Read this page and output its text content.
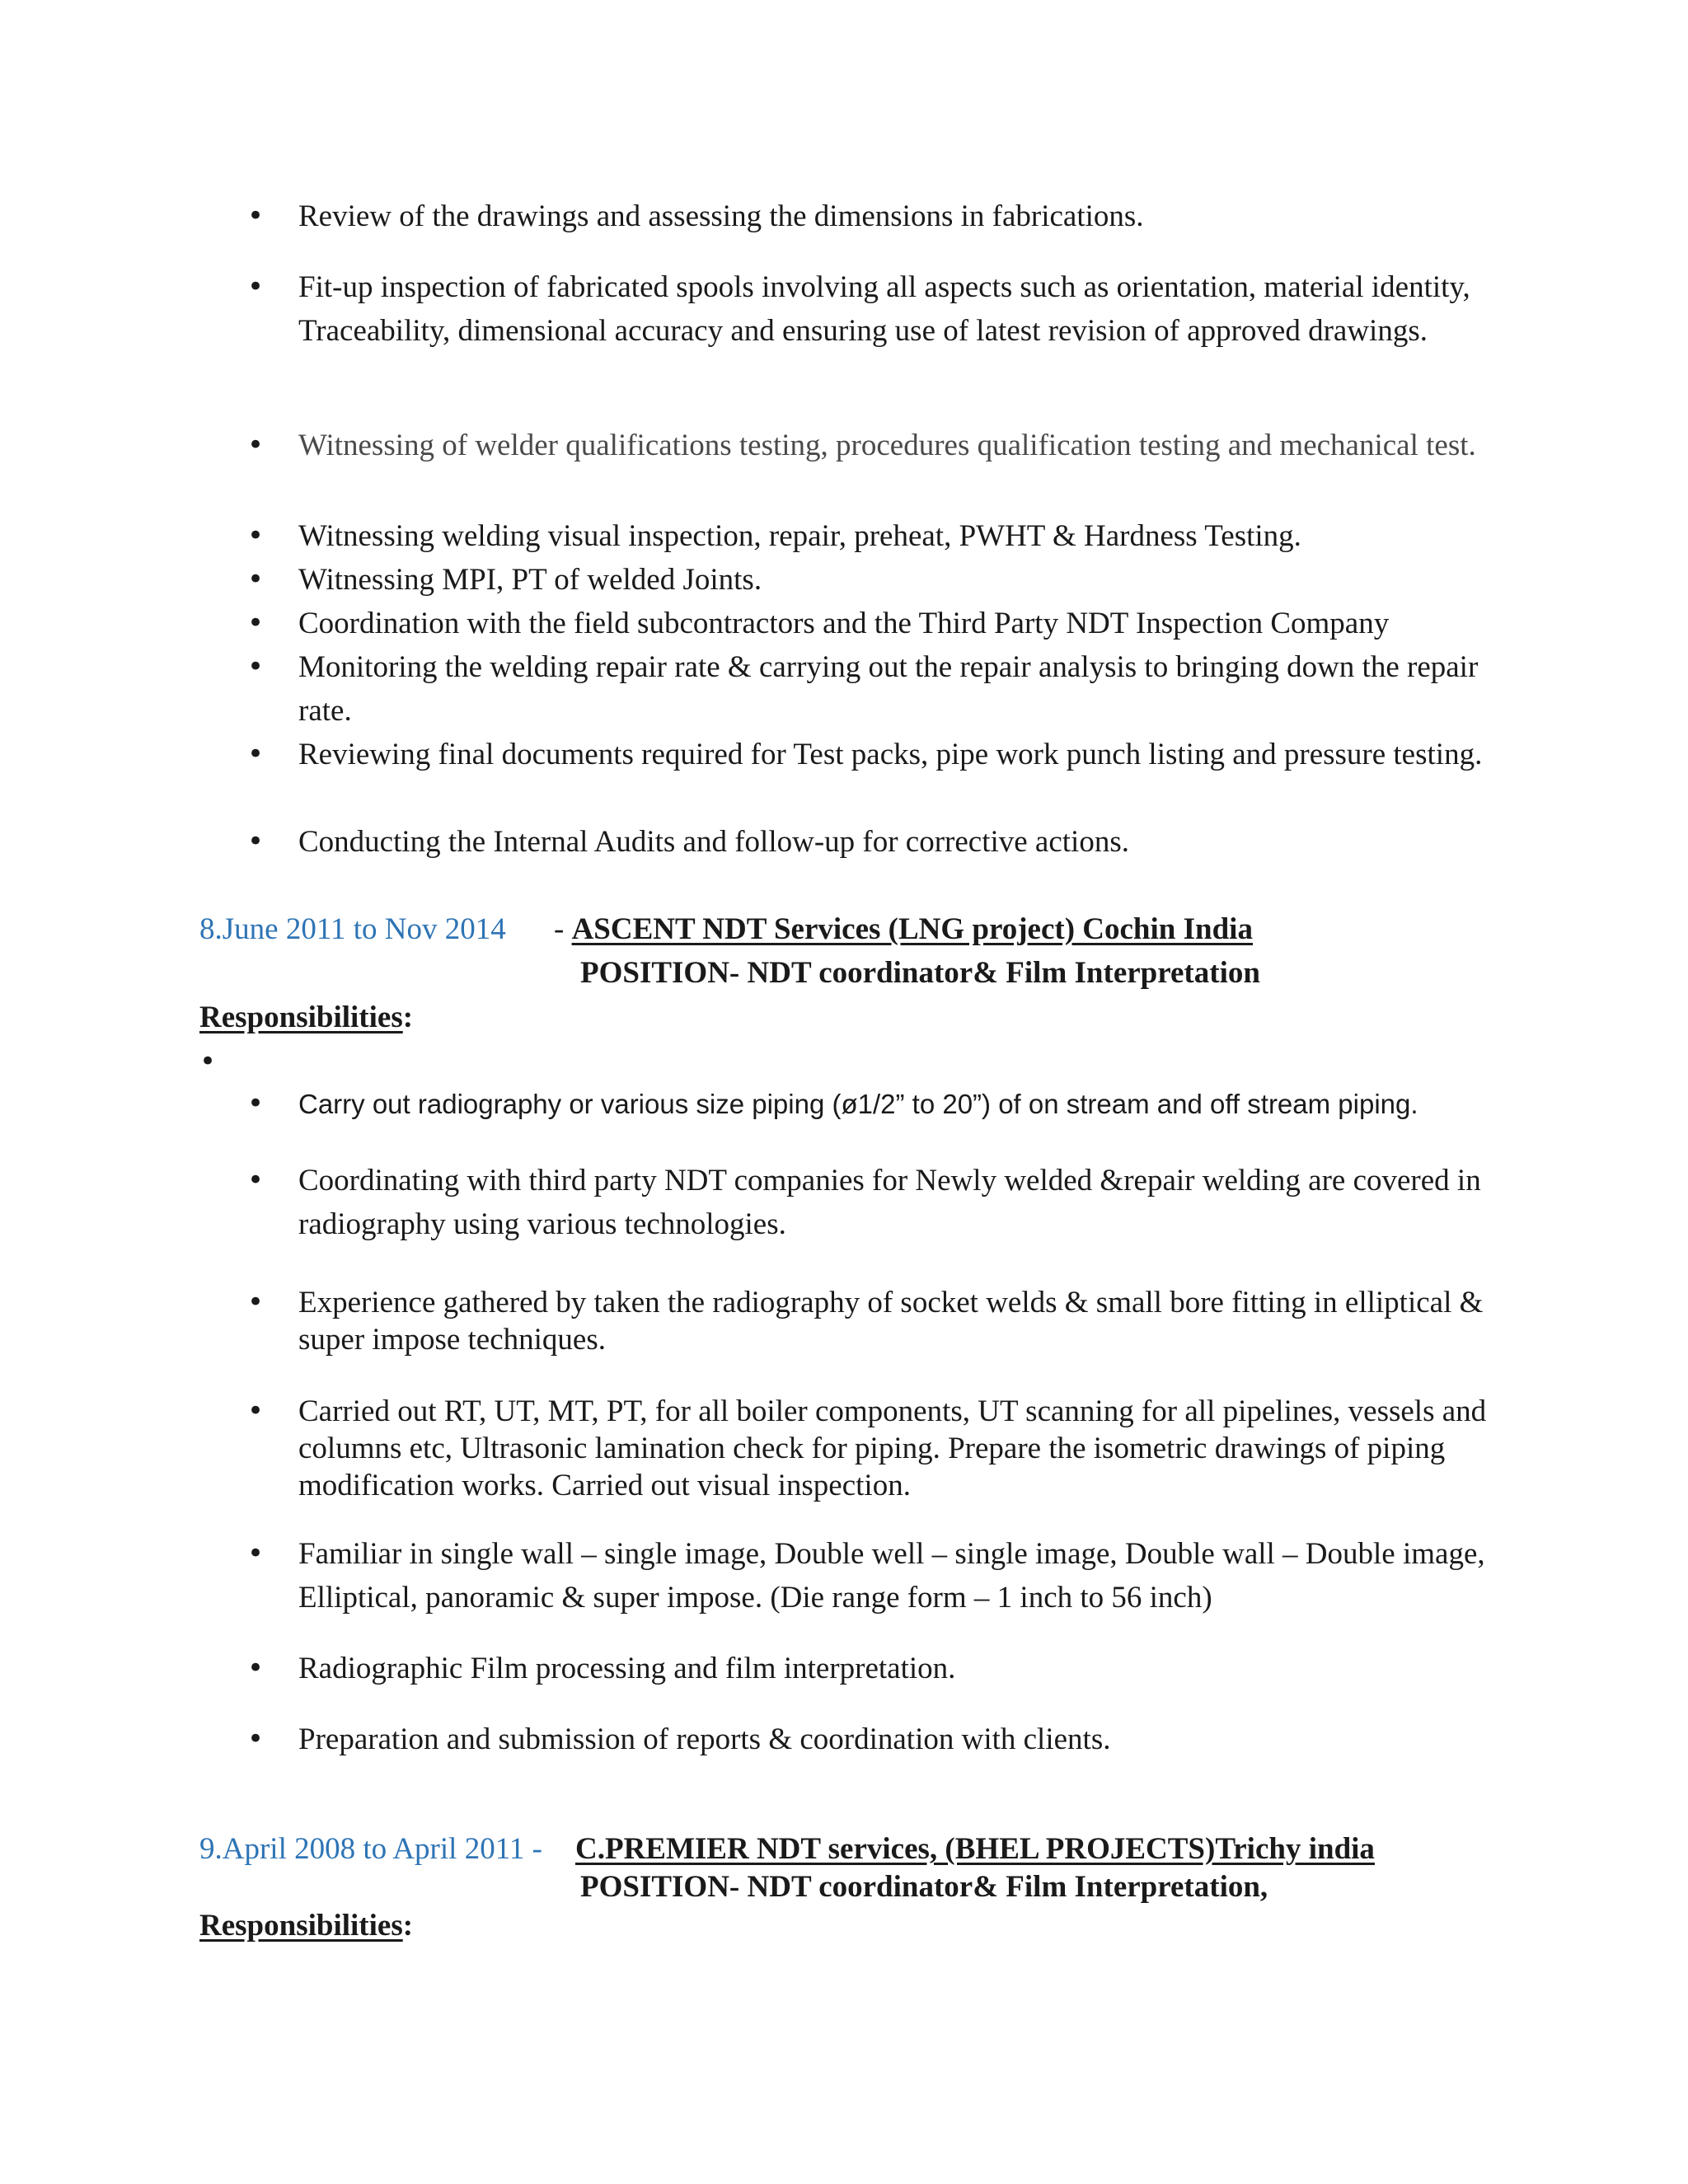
• Review of the drawings and assessing the dimensions in fabrications.
• Fit-up inspection of fabricated spools involving all aspects such as orientation, material identity, Traceability, dimensional accuracy and ensuring use of latest revision of approved drawings.
• Witnessing of welder qualifications testing, procedures qualification testing and mechanical test.
• Witnessing welding visual inspection, repair, preheat, PWHT & Hardness Testing.
• Witnessing MPI, PT of welded Joints.
• Coordination with the field subcontractors and the Third Party NDT Inspection Company
• Monitoring the welding repair rate & carrying out the repair analysis to bringing down the repair rate.
• Reviewing final documents required for Test packs, pipe work punch listing and pressure testing.
• Conducting the Internal Audits and follow-up for corrective actions.
8.June 2011 to Nov 2014 - ASCENT NDT Services (LNG project) Cochin India
POSITION- NDT coordinator& Film Interpretation
Responsibilities:
•
• Carry out radiography or various size piping (ø1/2” to 20”) of on stream and off stream piping.
• Coordinating with third party NDT companies for Newly welded &repair welding are covered in radiography using various technologies.
• Experience gathered by taken the radiography of socket welds & small bore fitting in elliptical & super impose techniques.
• Carried out RT, UT, MT, PT, for all boiler components, UT scanning for all pipelines, vessels and columns etc, Ultrasonic lamination check for piping. Prepare the isometric drawings of piping modification works. Carried out visual inspection.
• Familiar in single wall – single image, Double well – single image, Double wall – Double image, Elliptical, panoramic & super impose. (Die range form – 1 inch to 56 inch)
• Radiographic Film processing and film interpretation.
• Preparation and submission of reports & coordination with clients.
9.April 2008 to April 2011 - C.PREMIER NDT services, (BHEL PROJECTS)Trichy india
POSITION- NDT coordinator& Film Interpretation,
Responsibilities:
